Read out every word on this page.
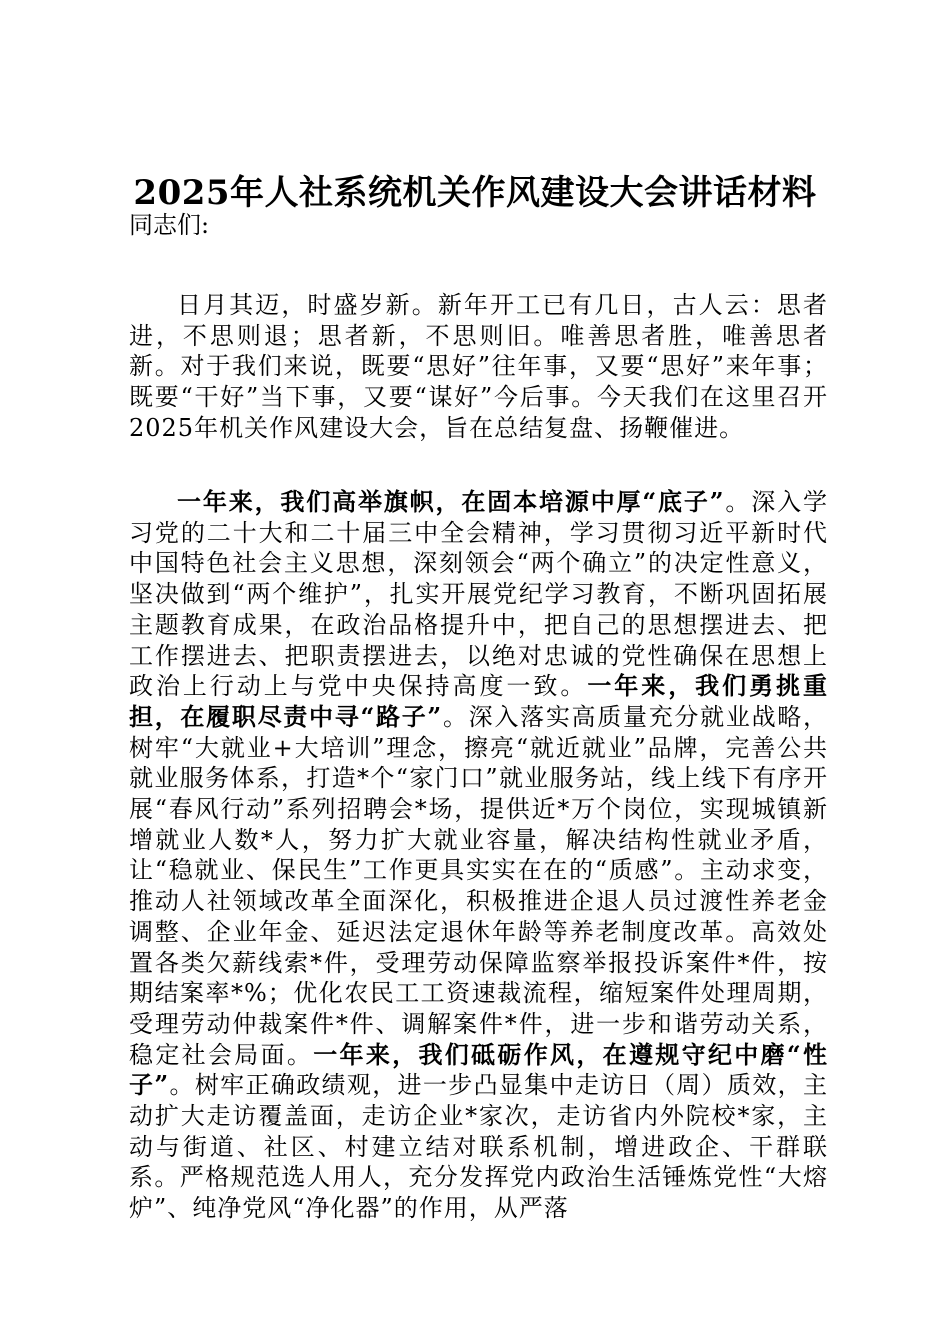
2025年人社系统机关作风建设大会讲话材料

同志们:

日月其迈，时盛岁新。新年开工已有几日，古人云：思者进，不思则退；思者新，不思则旧。唯善思者胜，唯善思者新。对于我们来说，既要“思好”往年事，又要“思好”来年事；既要“干好”当下事，又要“谋好”今后事。今天我们在这里召开2025年机关作风建设大会，旨在总结复盘、扬鞭催进。

一年来，我们高举旗帜，在固本培源中厚“底子”。深入学习党的二十大和二十届三中全会精神，学习贯彻习近平新时代中国特色社会主义思想，深刻领会“两个确立”的决定性意义，坚决做到“两个维护”，扎实开展党纪学习教育，不断巩固拓展主题教育成果，在政治品格提升中，把自己的思想摆进去、把工作摆进去、把职责摆进去，以绝对忠诚的党性确保在思想上政治上行动上与党中央保持高度一致。一年来，我们勇挑重担，在履职尽责中寻“路子”。深入落实高质量充分就业战略，树牢“大就业+大培训”理念，擦亮“就近就业”品牌，完善公共就业服务体系，打造*个“家门口”就业服务站，线上线下有序开展“春风行动”系列招聘会*场，提供近*万个岗位，实现城镇新增就业人数*人，努力扩大就业容量，解决结构性就业矛盾，让“稳就业、保民生”工作更具实实在在的“质感”。主动求变，推动人社领域改革全面深化，积极推进企退人员过渡性养老金调整、企业年金、延迟法定退休年龄等养老制度改革。高效处置各类欠薪线索*件，受理劳动保障监察举报投诉案件*件，按期结案率*%；优化农民工工资速裁流程，缩短案件处理周期，受理劳动仲裁案件*件、调解案件*件，进一步和谐劳动关系，稳定社会局面。一年来，我们砥砺作风，在遵规守纪中磨“性子”。树牢正确政绩观，进一步凸显集中走访日（周）质效，主动扩大走访覆盖面，走访企业*家次，走访省内外院校*家，主动与街道、社区、村建立结对联系机制，增进政企、干群联系。严格规范选人用人，充分发挥党内政治生活锤炼党性“大熔炉”、纯净党风“净化器”的作用，从严落
